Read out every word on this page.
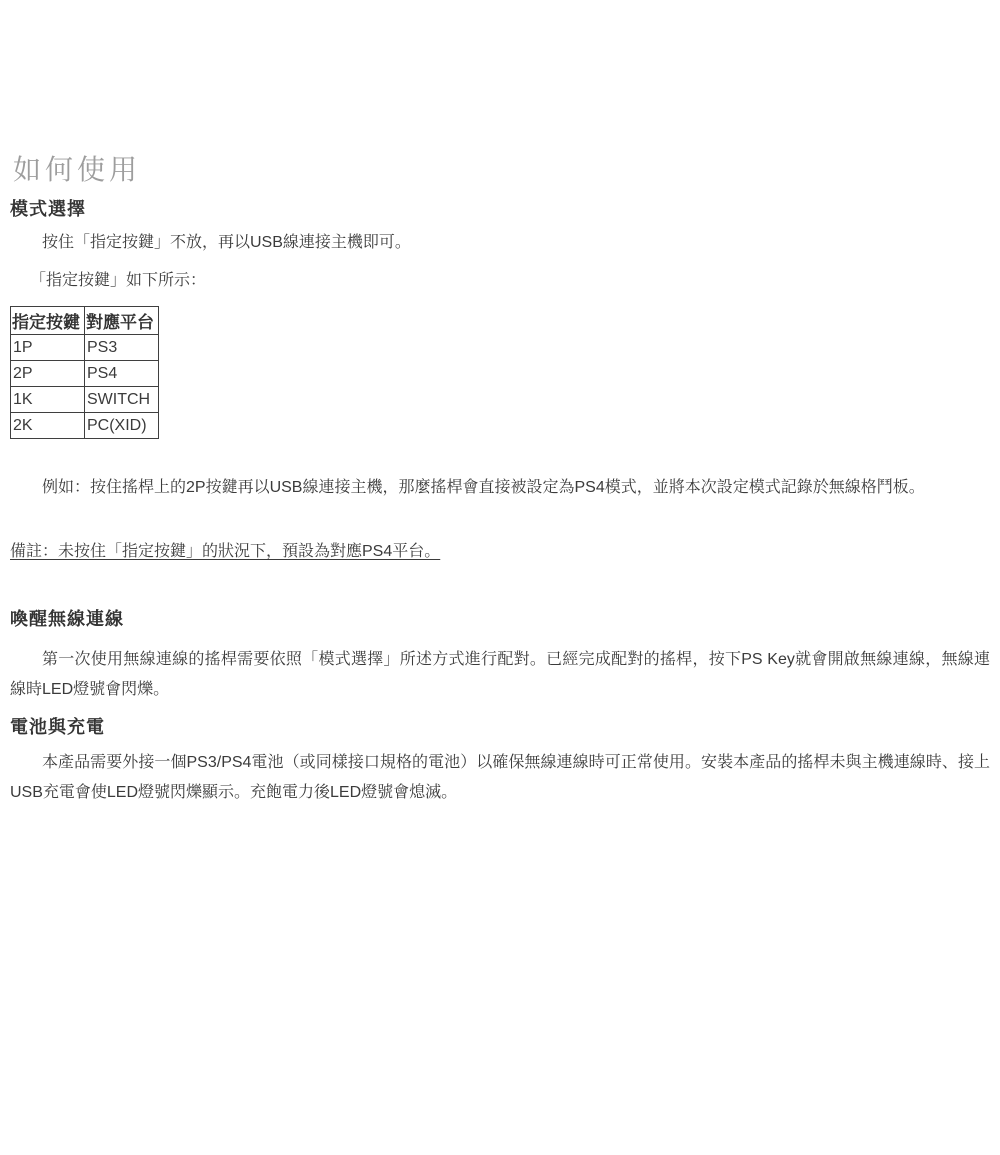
如何使用
模式選擇

按住「指定按鍵」不放，再以USB線連接主機即可。

「指定按鍵」如下所示：

指定按鍵	對應平台
1P	PS3
2P	PS4
1K	SWITCH
2K	PC(XID)

例如：按住搖桿上的2P按鍵再以USB線連接主機，那麼搖桿會直接被設定為PS4模式，並將本次設定模式記錄於無線格鬥板。

備註：未按住「指定按鍵」的狀況下，預設為對應PS4平台。

喚醒無線連線

第一次使用無線連線的搖桿需要依照「模式選擇」所述方式進行配對。已經完成配對的搖桿，按下PS Key就會開啟無線連線，無線連線時LED燈號會閃爍。

電池與充電

本產品需要外接一個PS3/PS4電池（或同樣接口規格的電池）以確保無線連線時可正常使用。安裝本產品的搖桿未與主機連線時、接上USB充電會使LED燈號閃爍顯示。充飽電力後LED燈號會熄滅。
